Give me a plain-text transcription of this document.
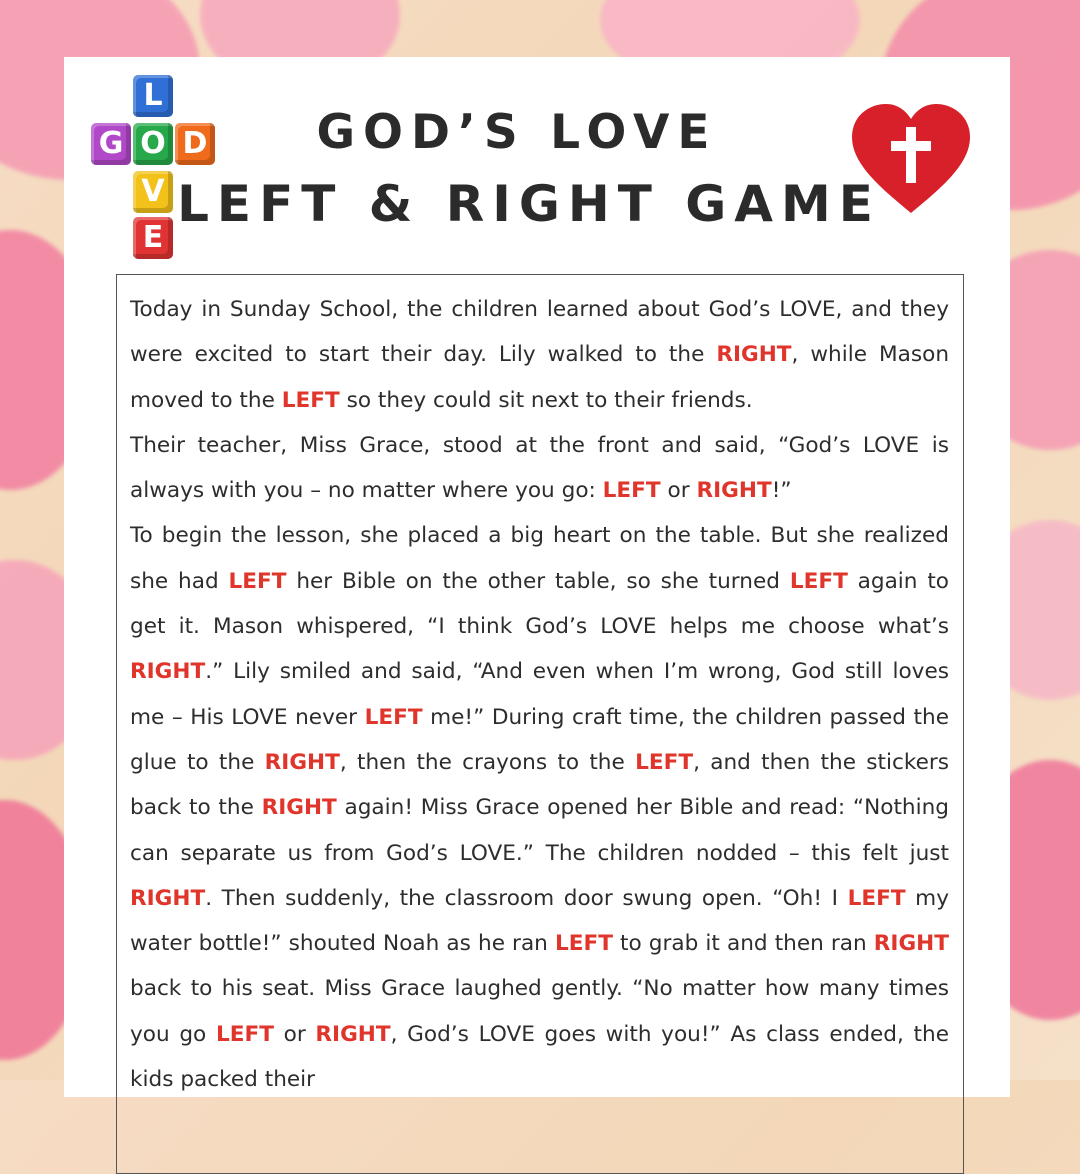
L
G O D
V
E
GOD’S LOVE
LEFT & RIGHT GAME

Today in Sunday School, the children learned about God’s LOVE, and they were excited to start their day. Lily walked to the RIGHT, while Mason moved to the LEFT so they could sit next to their friends.

Their teacher, Miss Grace, stood at the front and said, “God’s LOVE is always with you – no matter where you go: LEFT or RIGHT!”

To begin the lesson, she placed a big heart on the table. But she realized she had LEFT her Bible on the other table, so she turned LEFT again to get it. Mason whispered, “I think God’s LOVE helps me choose what’s RIGHT.” Lily smiled and said, “And even when I’m wrong, God still loves me – His LOVE never LEFT me!” During craft time, the children passed the glue to the RIGHT, then the crayons to the LEFT, and then the stickers back to the RIGHT again! Miss Grace opened her Bible and read: “Nothing can separate us from God’s LOVE.” The children nodded – this felt just RIGHT. Then suddenly, the classroom door swung open. “Oh! I LEFT my water bottle!” shouted Noah as he ran LEFT to grab it and then ran RIGHT back to his seat. Miss Grace laughed gently. “No matter how many times you go LEFT or RIGHT, God’s LOVE goes with you!” As class ended, the kids packed their
